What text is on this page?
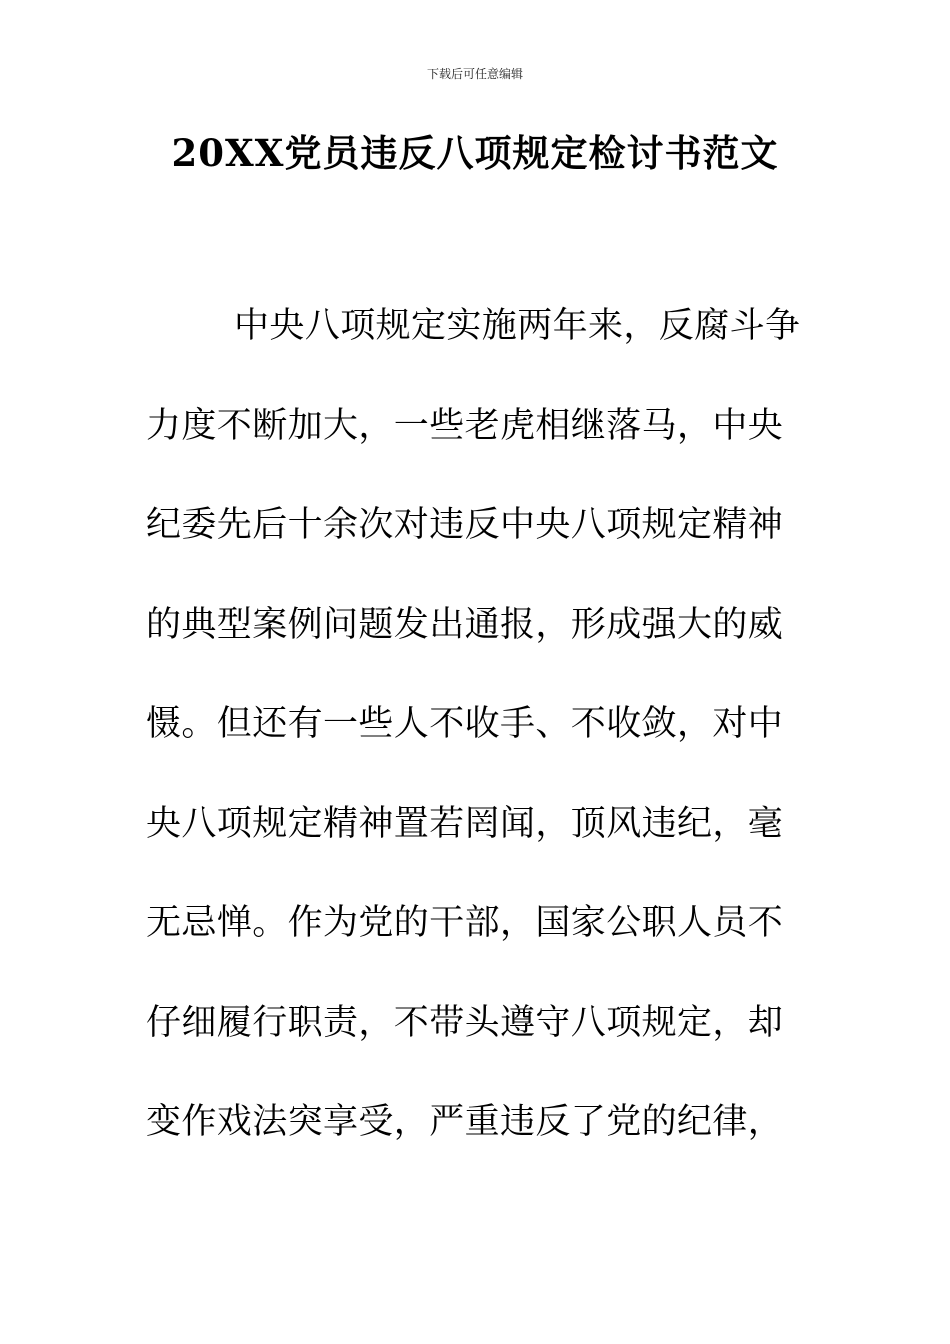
下载后可任意编辑
20XX党员违反八项规定检讨书范文
中央八项规定实施两年来，反腐斗争
力度不断加大，一些老虎相继落马，中央
纪委先后十余次对违反中央八项规定精神
的典型案例问题发出通报，形成强大的威
慑。但还有一些人不收手、不收敛，对中
央八项规定精神置若罔闻，顶风违纪，毫
无忌惮。作为党的干部，国家公职人员不
仔细履行职责，不带头遵守八项规定，却
变作戏法突享受，严重违反了党的纪律，
